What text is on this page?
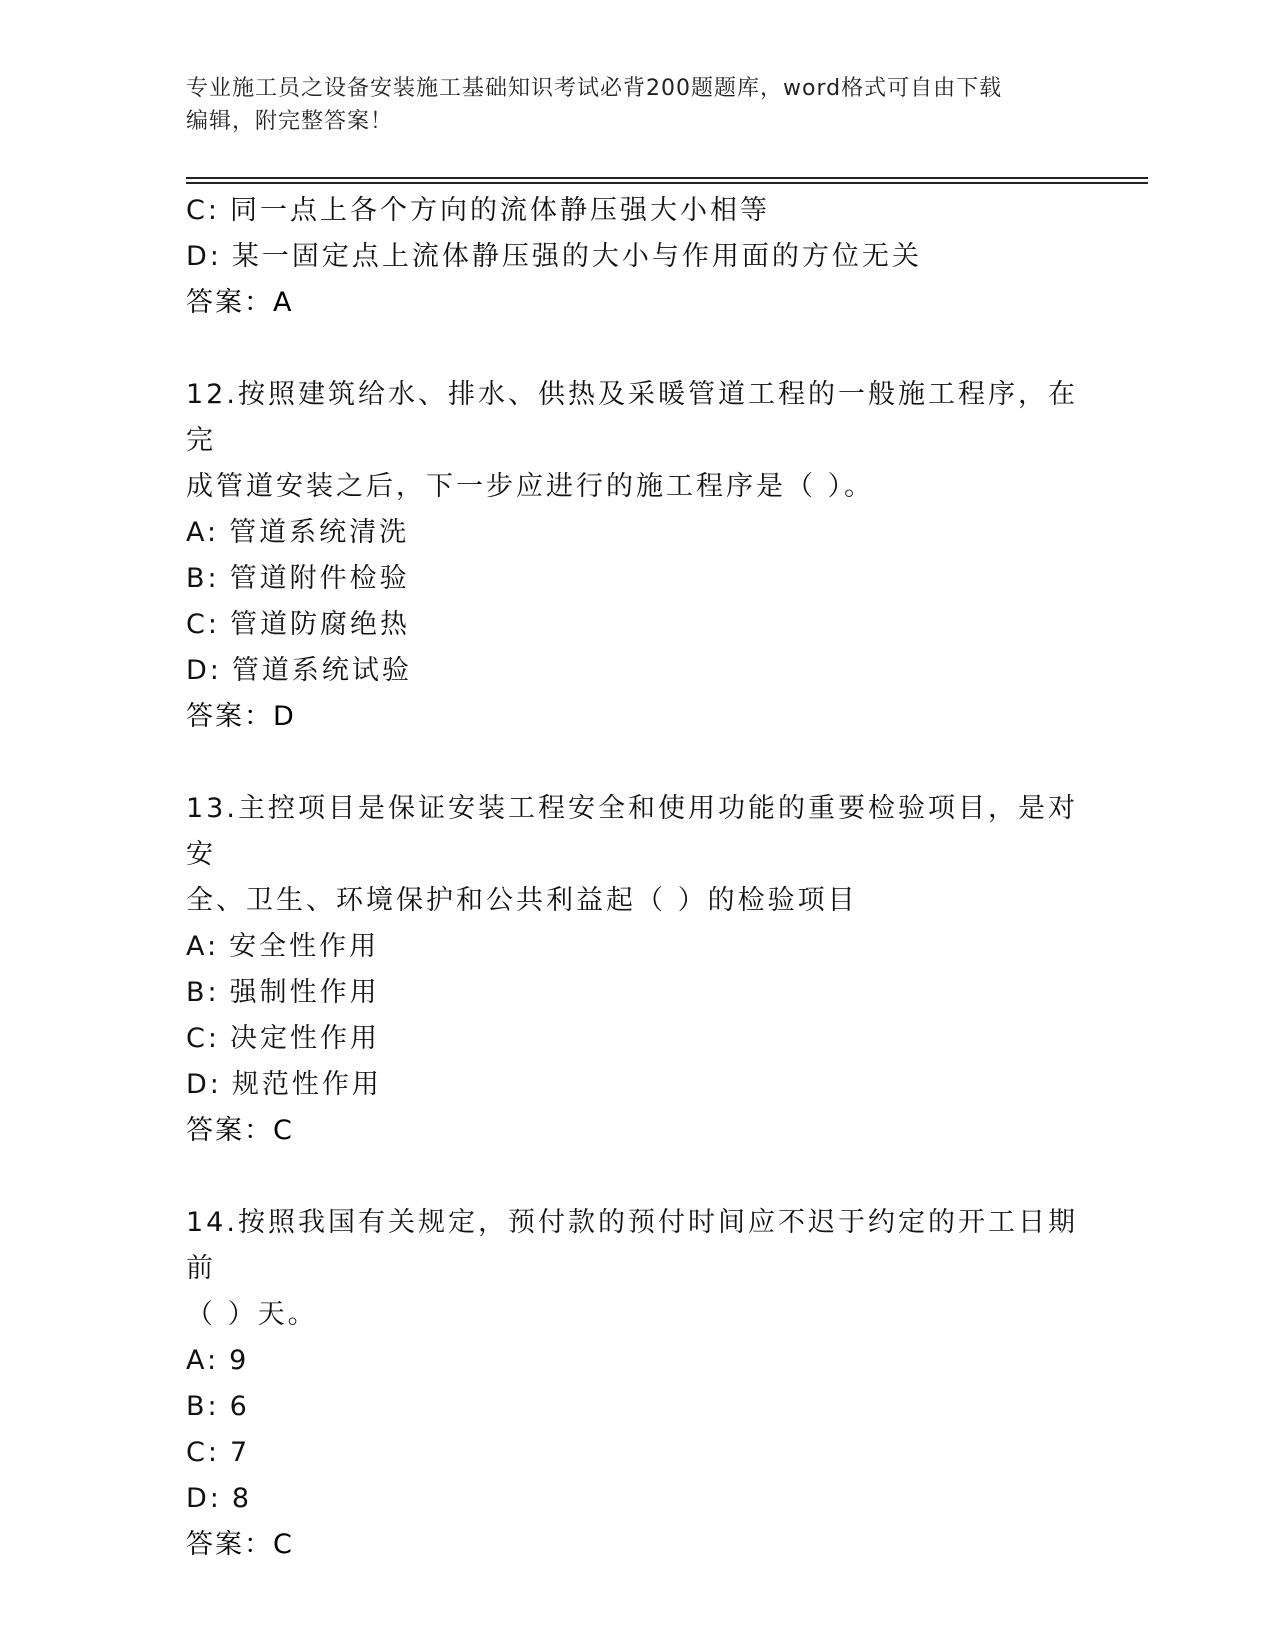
专业施工员之设备安装施工基础知识考试必背200题题库，word格式可自由下载
编辑，附完整答案！
C: 同一点上各个方向的流体静压强大小相等
D: 某一固定点上流体静压强的大小与作用面的方位无关
答案：A
12.按照建筑给水、排水、供热及采暖管道工程的一般施工程序，在完
成管道安装之后，下一步应进行的施工程序是（ ）。
A: 管道系统清洗
B: 管道附件检验
C: 管道防腐绝热
D: 管道系统试验
答案：D
13.主控项目是保证安装工程安全和使用功能的重要检验项目，是对安
全、卫生、环境保护和公共利益起（ ）的检验项目
A: 安全性作用
B: 强制性作用
C: 决定性作用
D: 规范性作用
答案：C
14.按照我国有关规定，预付款的预付时间应不迟于约定的开工日期前
（ ）天。
A: 9
B: 6
C: 7
D: 8
答案：C
